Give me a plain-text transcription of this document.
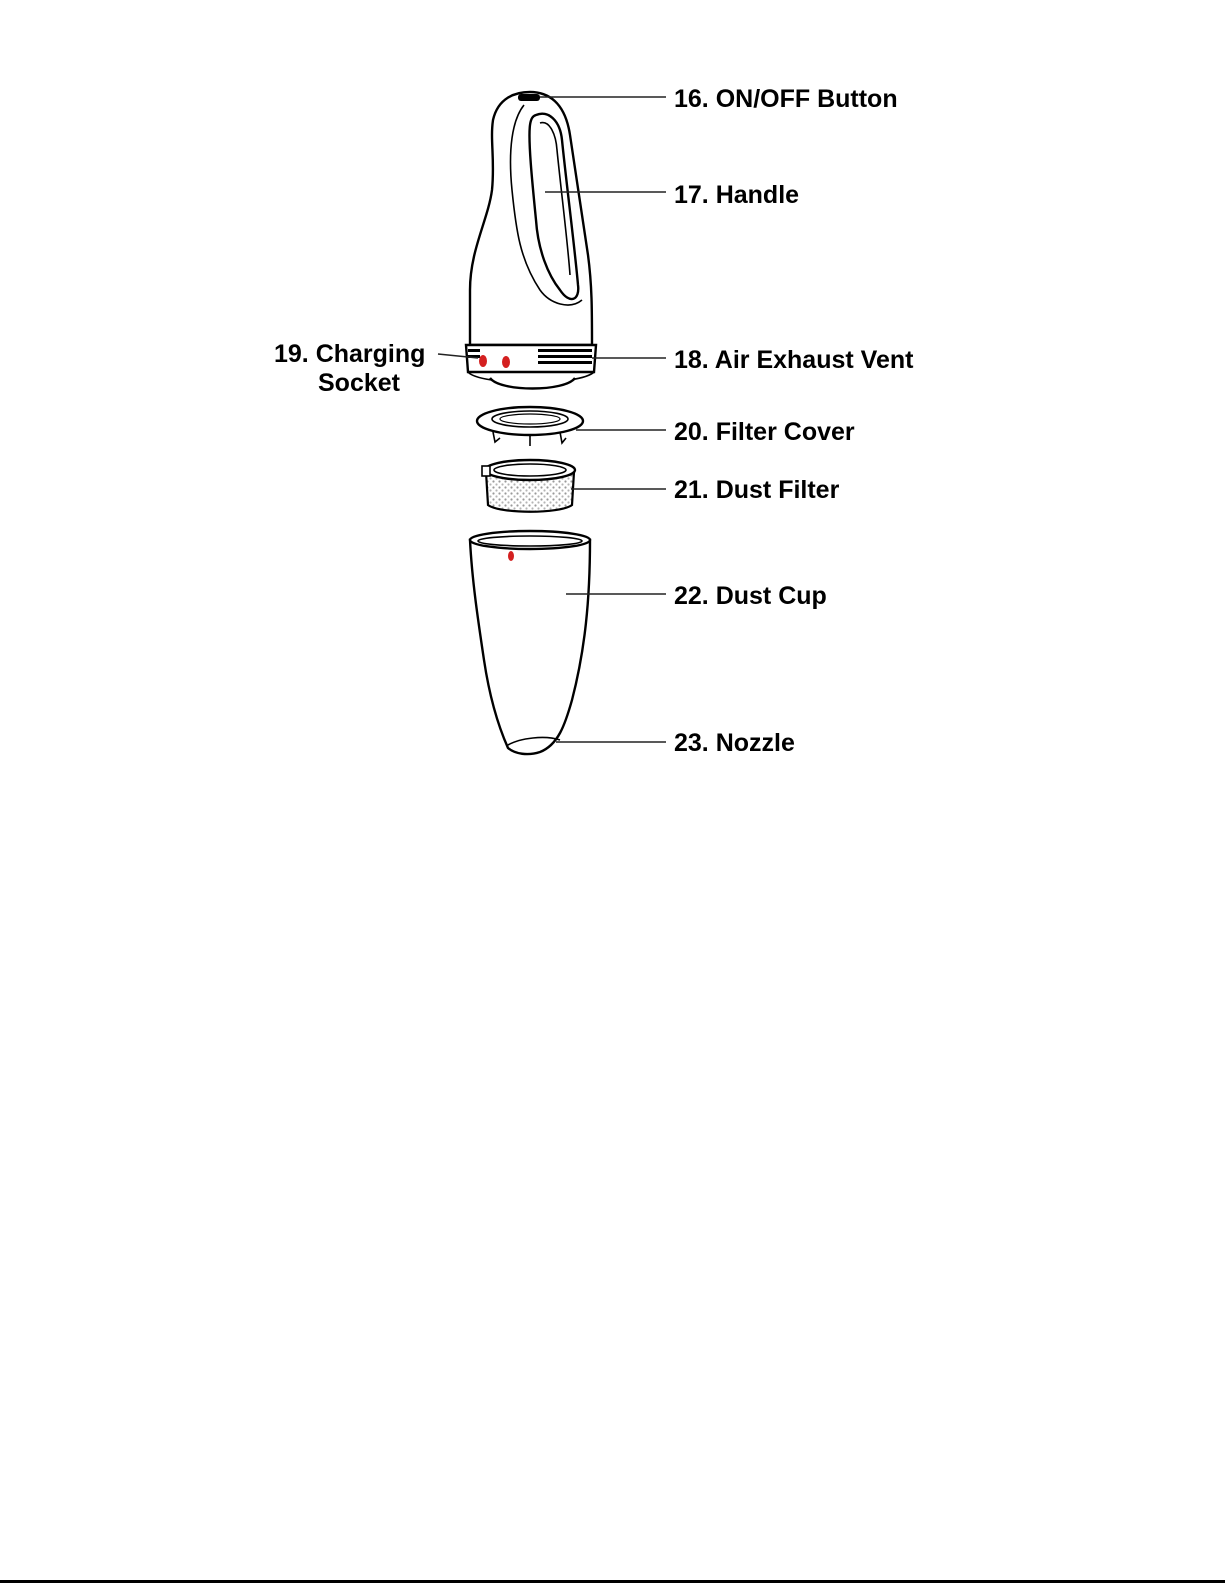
16. ON/OFF Button
17. Handle
18. Air Exhaust Vent
19. Charging
Socket
20. Filter Cover
21. Dust Filter
22. Dust Cup
23. Nozzle
